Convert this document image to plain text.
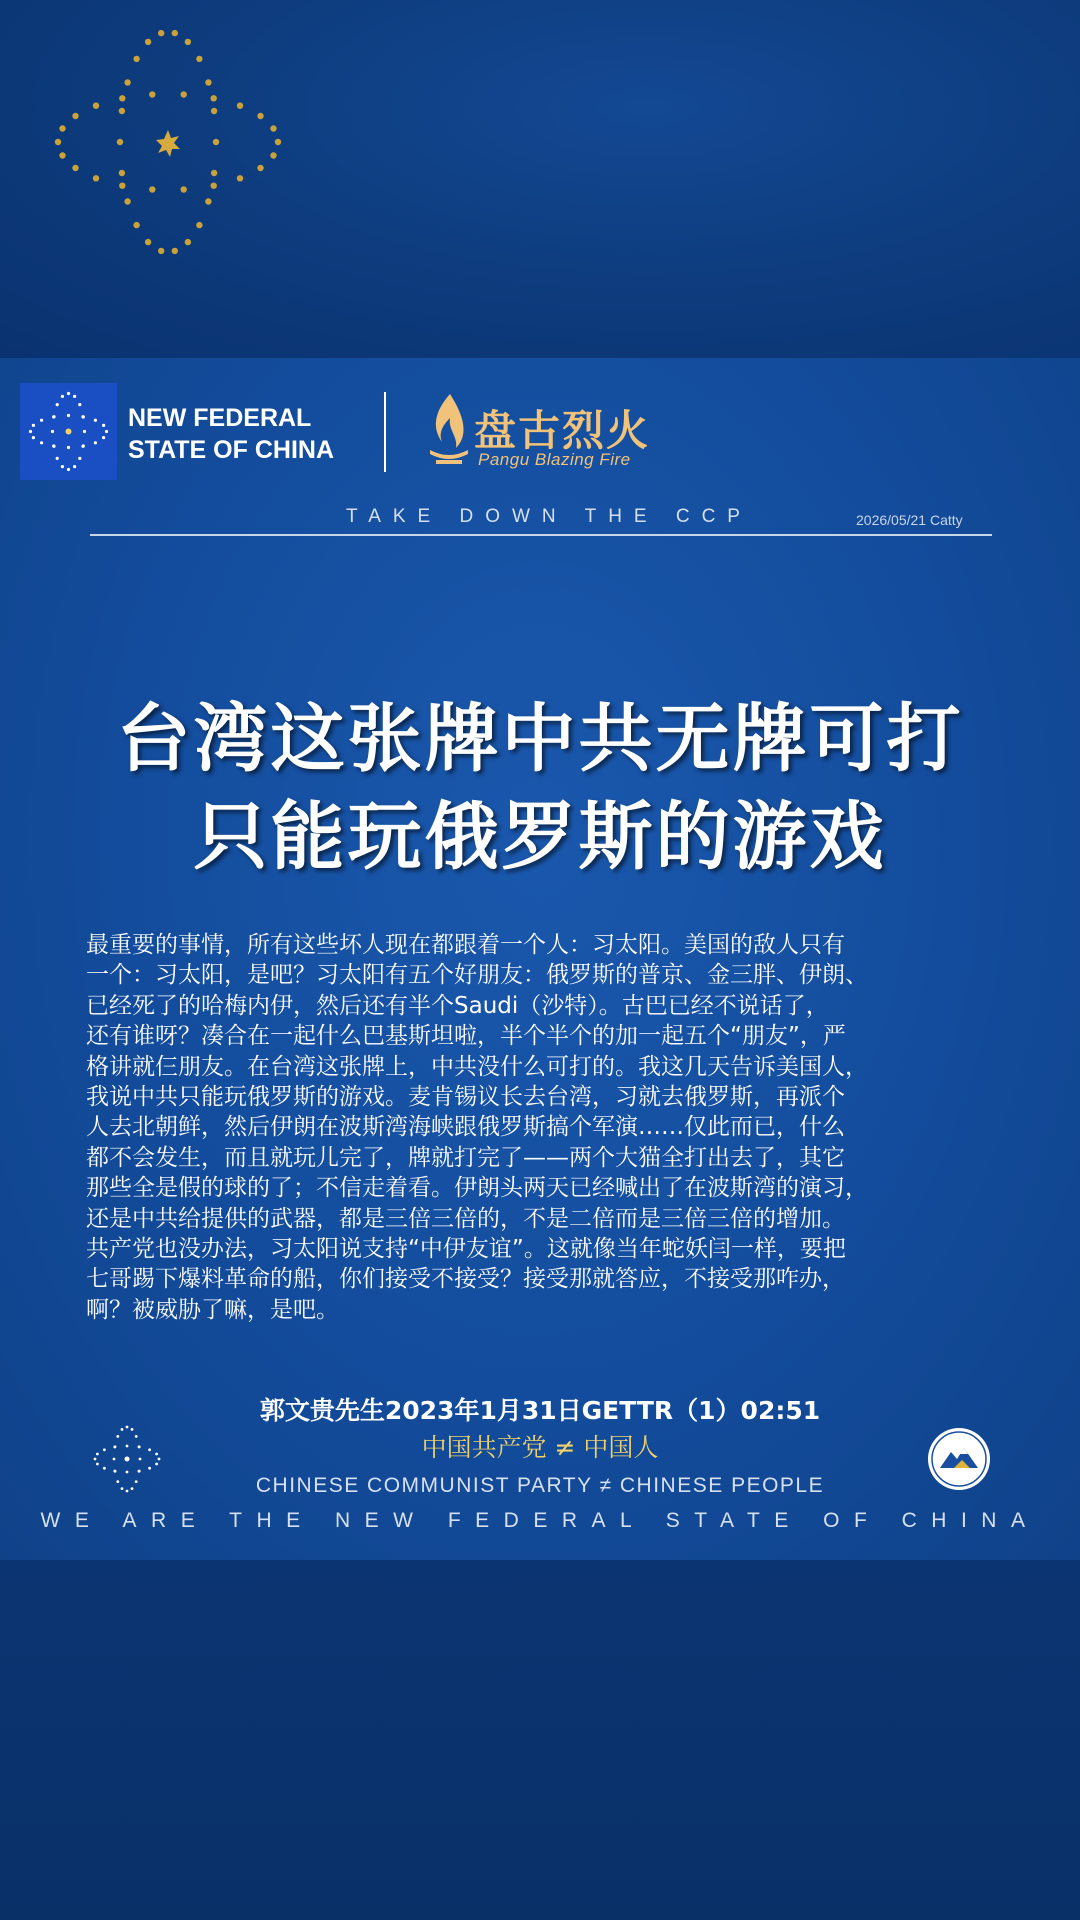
NEW FEDERAL
STATE OF CHINA	盘古烈火
Pangu Blazing Fire
TAKE DOWN THE CCP	2026/05/21 Catty
台湾这张牌中共无牌可打
只能玩俄罗斯的游戏
最重要的事情，所有这些坏人现在都跟着一个人：习太阳。美国的敌人只有
一个：习太阳，是吧？习太阳有五个好朋友：俄罗斯的普京、金三胖、伊朗、
已经死了的哈梅内伊，然后还有半个Saudi（沙特）。古巴已经不说话了，
还有谁呀？凑合在一起什么巴基斯坦啦，半个半个的加一起五个“朋友”，严
格讲就仨朋友。在台湾这张牌上，中共没什么可打的。我这几天告诉美国人，
我说中共只能玩俄罗斯的游戏。麦肯锡议长去台湾，习就去俄罗斯，再派个
人去北朝鲜，然后伊朗在波斯湾海峡跟俄罗斯搞个军演……仅此而已，什么
都不会发生，而且就玩儿完了，牌就打完了——两个大猫全打出去了，其它
那些全是假的球的了；不信走着看。伊朗头两天已经喊出了在波斯湾的演习，
还是中共给提供的武器，都是三倍三倍的，不是二倍而是三倍三倍的增加。
共产党也没办法，习太阳说支持“中伊友谊”。这就像当年蛇妖闫一样，要把
七哥踢下爆料革命的船，你们接受不接受？接受那就答应，不接受那咋办，
啊？被威胁了嘛，是吧。
郭文贵先生2023年1月31日GETTR（1）02:51
中国共产党 ≠ 中国人
CHINESE COMMUNIST PARTY ≠ CHINESE PEOPLE
WE ARE THE NEW FEDERAL STATE OF CHINA
